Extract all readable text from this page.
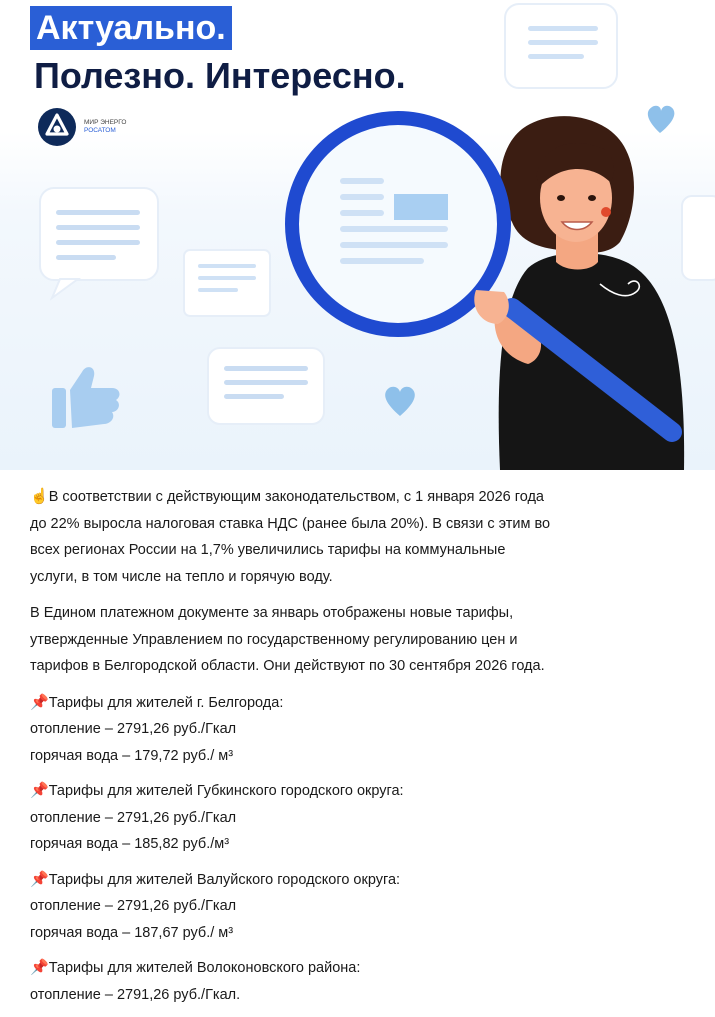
Актуально.
Полезно. Интересно.
МИР ЭНЕРГО
РОСАТОМ

☝В соответствии с действующим законодательством, с 1 января 2026 года
до 22% выросла налоговая ставка НДС (ранее была 20%). В связи с этим во
всех регионах России на 1,7% увеличились тарифы на коммунальные
услуги, в том числе на тепло и горячую воду.

В Едином платежном документе за январь отображены новые тарифы,
утвержденные Управлением по государственному регулированию цен и
тарифов в Белгородской области. Они действуют по 30 сентября 2026 года.

📌Тарифы для жителей г. Белгорода:
отопление – 2791,26 руб./Гкал
горячая вода – 179,72 руб./ м³
📌Тарифы для жителей Губкинского городского округа:
отопление – 2791,26 руб./Гкал
горячая вода – 185,82 руб./м³
📌Тарифы для жителей Валуйского городского округа:
отопление – 2791,26 руб./Гкал
горячая вода – 187,67 руб./ м³
📌Тарифы для жителей Волоконовского района:
отопление – 2791,26 руб./Гкал.
